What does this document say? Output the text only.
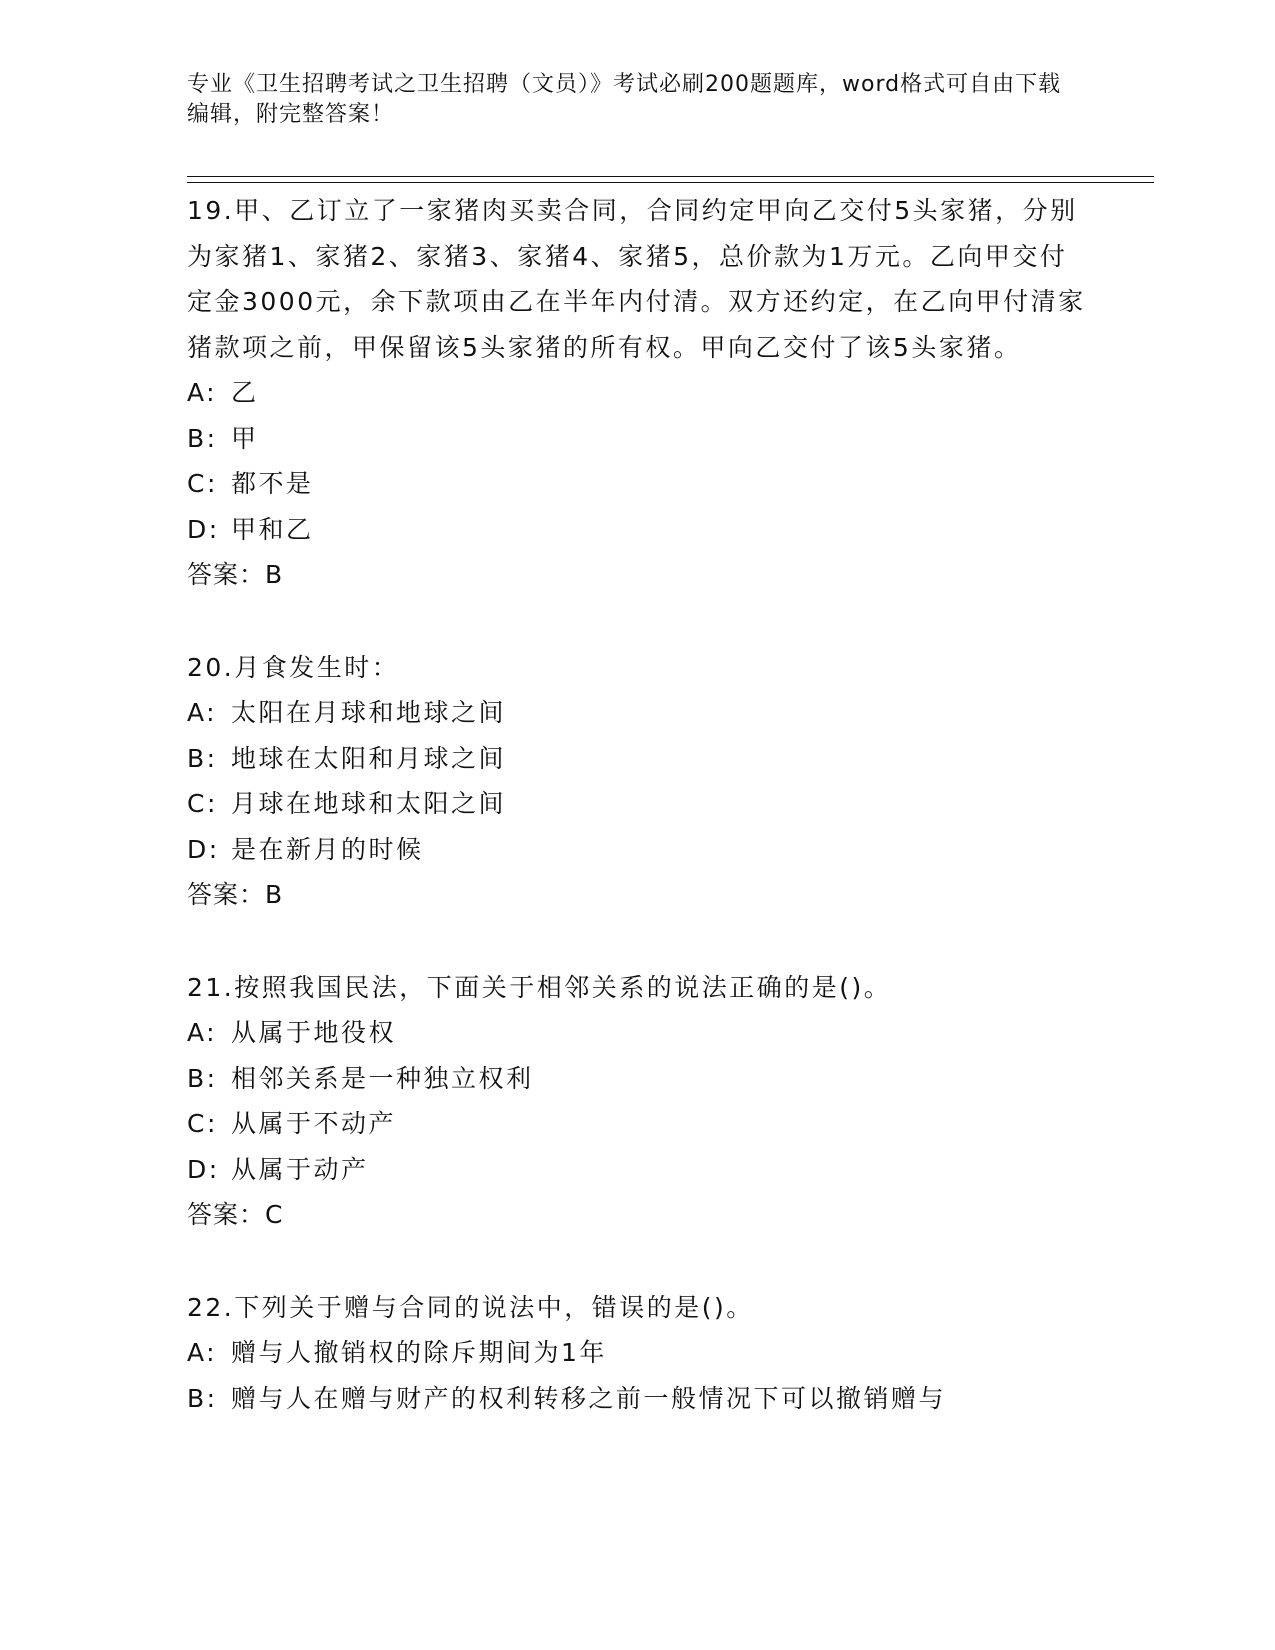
专业《卫生招聘考试之卫生招聘（文员）》考试必刷200题题库，word格式可自由下载编辑，附完整答案！
19.甲、乙订立了一家猪肉买卖合同，合同约定甲向乙交付5头家猪，分别为家猪1、家猪2、家猪3、家猪4、家猪5，总价款为1万元。乙向甲交付定金3000元，余下款项由乙在半年内付清。双方还约定，在乙向甲付清家猪款项之前，甲保留该5头家猪的所有权。甲向乙交付了该5头家猪。
A: 乙
B: 甲
C: 都不是
D: 甲和乙
答案：B
20.月食发生时：
A: 太阳在月球和地球之间
B: 地球在太阳和月球之间
C: 月球在地球和太阳之间
D: 是在新月的时候
答案：B
21.按照我国民法，下面关于相邻关系的说法正确的是()。
A: 从属于地役权
B: 相邻关系是一种独立权利
C: 从属于不动产
D: 从属于动产
答案：C
22.下列关于赠与合同的说法中，错误的是()。
A: 赠与人撤销权的除斥期间为1年
B: 赠与人在赠与财产的权利转移之前一般情况下可以撤销赠与
